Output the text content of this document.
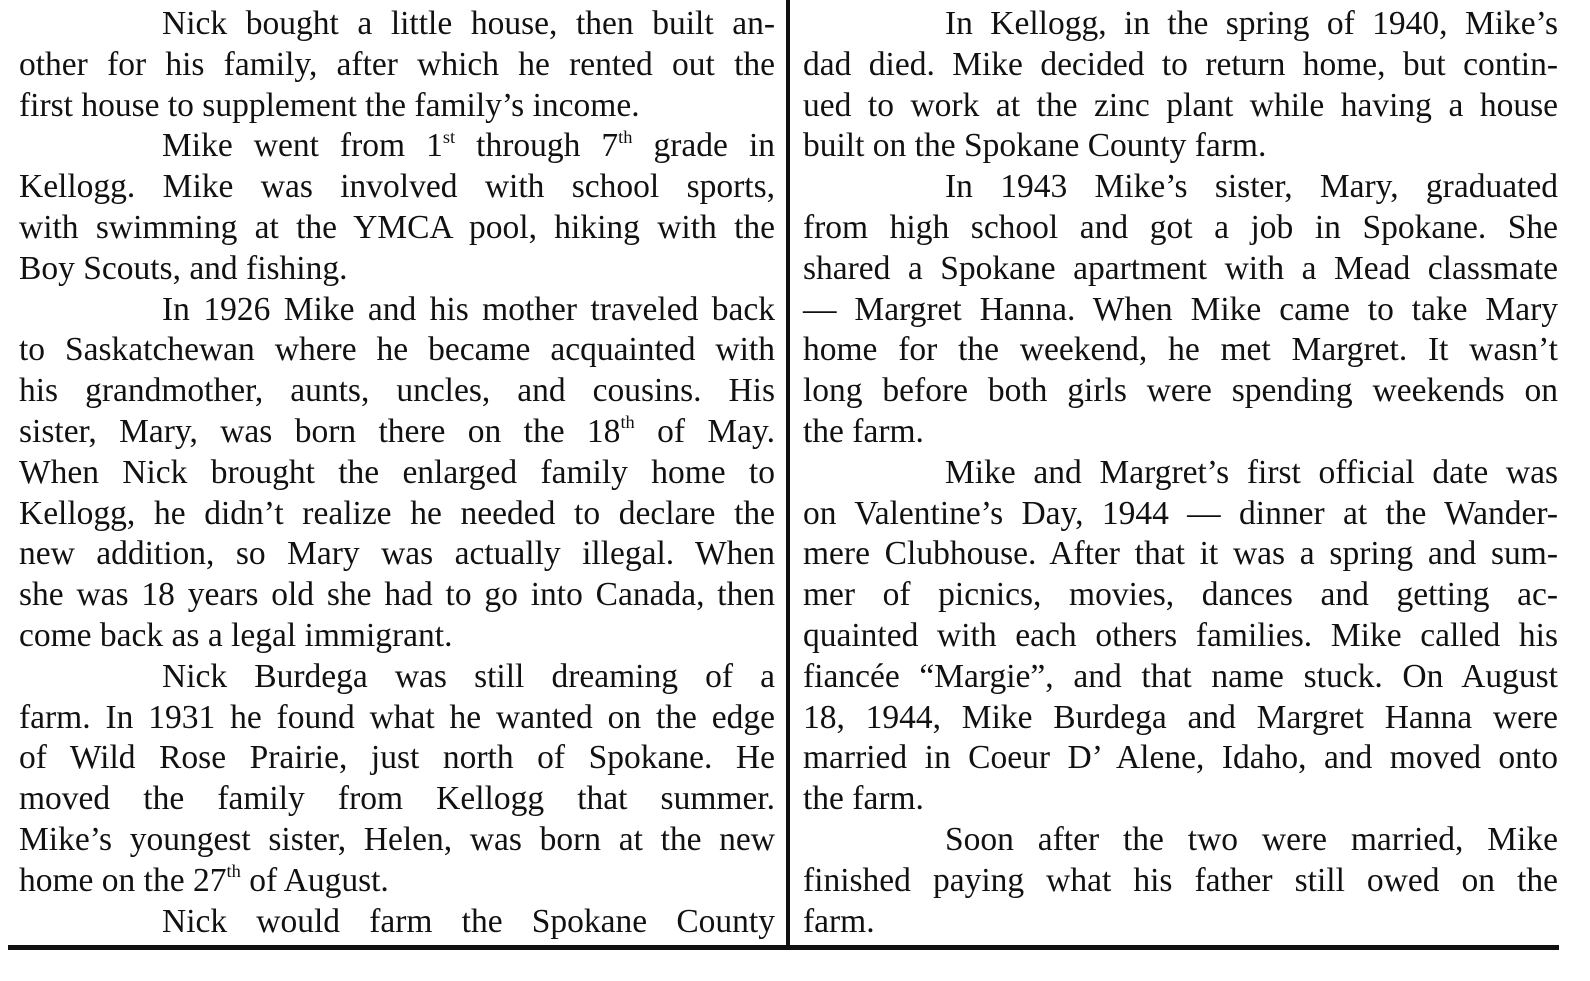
Nick bought a little house, then built an-
other for his family, after which he rented out the
first house to supplement the family’s income.
Mike went from 1st through 7th grade in
Kellogg. Mike was involved with school sports,
with swimming at the YMCA pool, hiking with the
Boy Scouts, and fishing.
In 1926 Mike and his mother traveled back
to Saskatchewan where he became acquainted with
his grandmother, aunts, uncles, and cousins. His
sister, Mary, was born there on the 18th of May.
When Nick brought the enlarged family home to
Kellogg, he didn’t realize he needed to declare the
new addition, so Mary was actually illegal. When
she was 18 years old she had to go into Canada, then
come back as a legal immigrant.
Nick Burdega was still dreaming of a
farm. In 1931 he found what he wanted on the edge
of Wild Rose Prairie, just north of Spokane. He
moved the family from Kellogg that summer.
Mike’s youngest sister, Helen, was born at the new
home on the 27th of August.
Nick would farm the Spokane County
In Kellogg, in the spring of 1940, Mike’s
dad died. Mike decided to return home, but contin-
ued to work at the zinc plant while having a house
built on the Spokane County farm.
In 1943 Mike’s sister, Mary, graduated
from high school and got a job in Spokane. She
shared a Spokane apartment with a Mead classmate
— Margret Hanna. When Mike came to take Mary
home for the weekend, he met Margret. It wasn’t
long before both girls were spending weekends on
the farm.
Mike and Margret’s first official date was
on Valentine’s Day, 1944 — dinner at the Wander-
mere Clubhouse. After that it was a spring and sum-
mer of picnics, movies, dances and getting ac-
quainted with each others families. Mike called his
fiancée “Margie”, and that name stuck. On August
18, 1944, Mike Burdega and Margret Hanna were
married in Coeur D’ Alene, Idaho, and moved onto
the farm.
Soon after the two were married, Mike
finished paying what his father still owed on the
farm.
